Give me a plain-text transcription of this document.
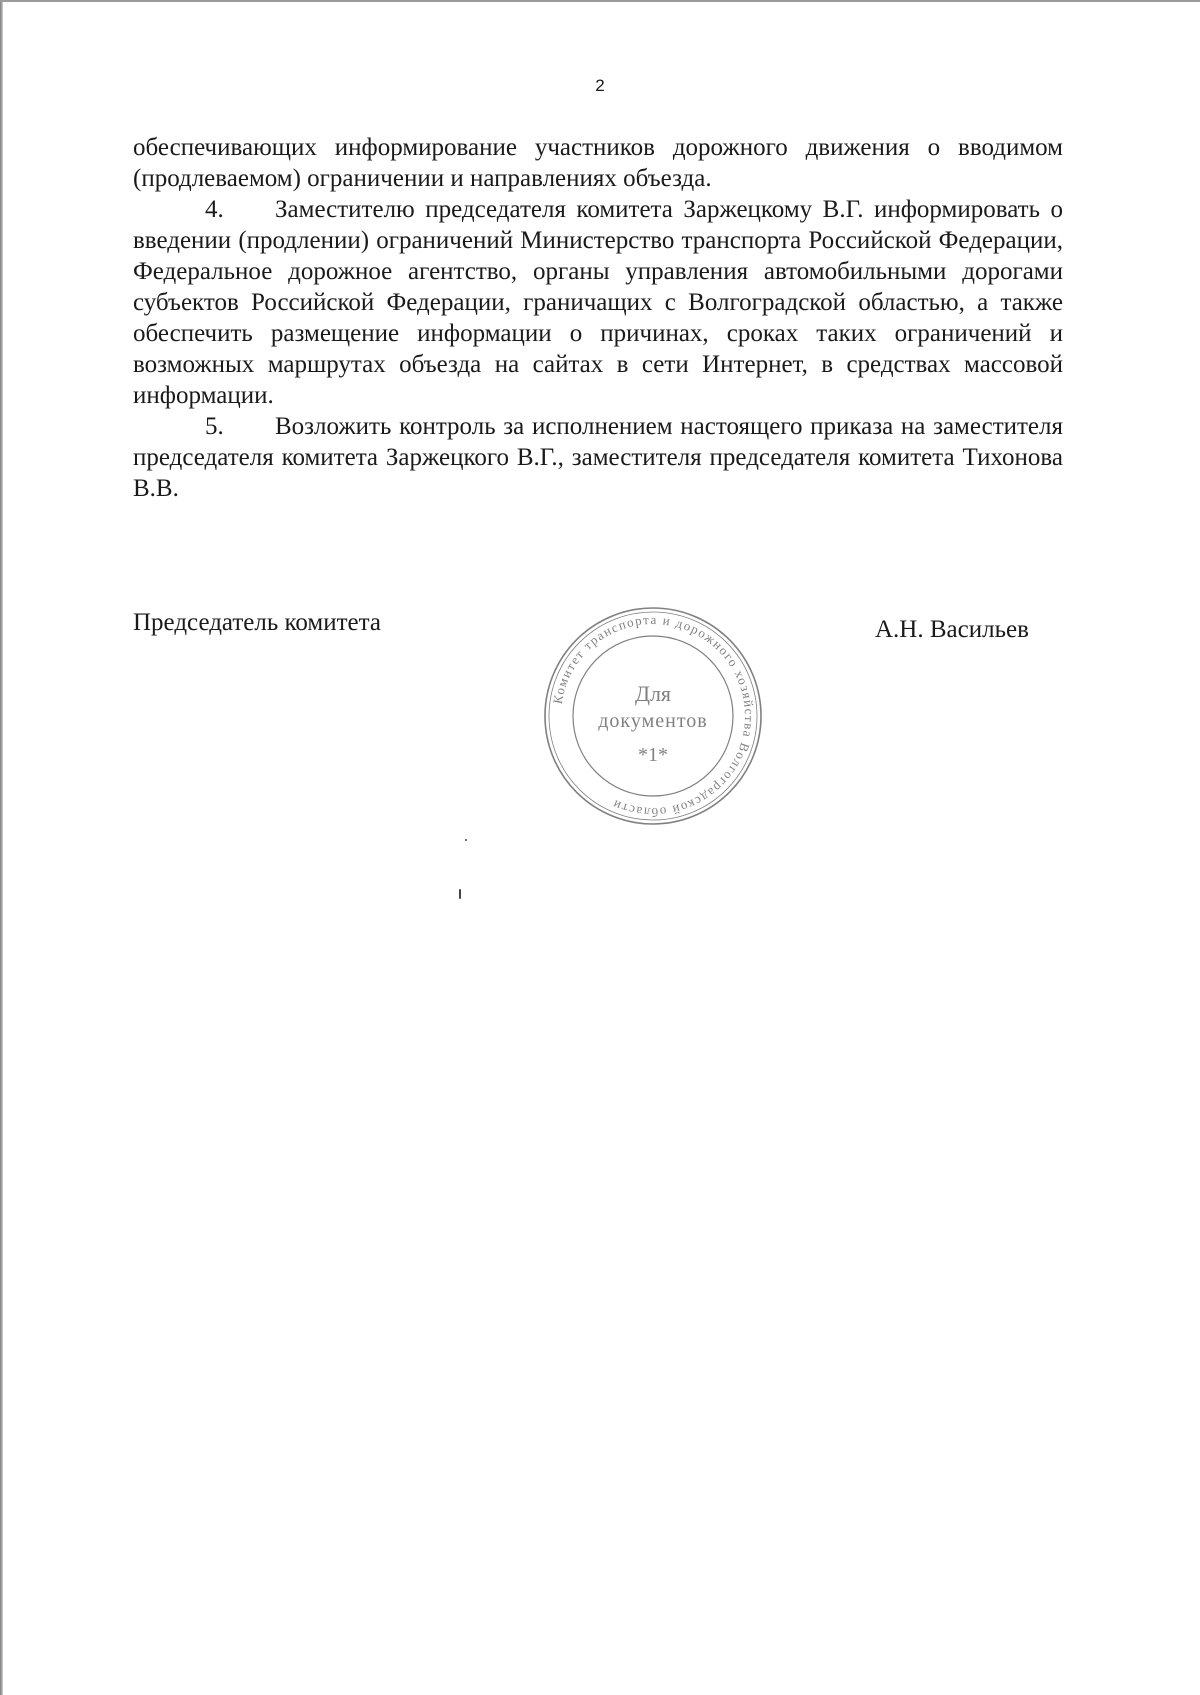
2

обеспечивающих информирование участников дорожного движения о вводимом (продлеваемом) ограничении и направлениях объезда.

4. Заместителю председателя комитета Заржецкому В.Г. информировать о введении (продлении) ограничений Министерство транспорта Российской Федерации, Федеральное дорожное агентство, органы управления автомобильными дорогами субъектов Российской Федерации, граничащих с Волгоградской областью, а также обеспечить размещение информации о причинах, сроках таких ограничений и возможных маршрутах объезда на сайтах в сети Интернет, в средствах массовой информации.

5. Возложить контроль за исполнением настоящего приказа на заместителя председателя комитета Заржецкого В.Г., заместителя председателя комитета Тихонова В.В.

Председатель комитета	А.Н. Васильев
Комитет транспорта и дорожного хозяйства Волгоградской области
Для
документов
*1*
